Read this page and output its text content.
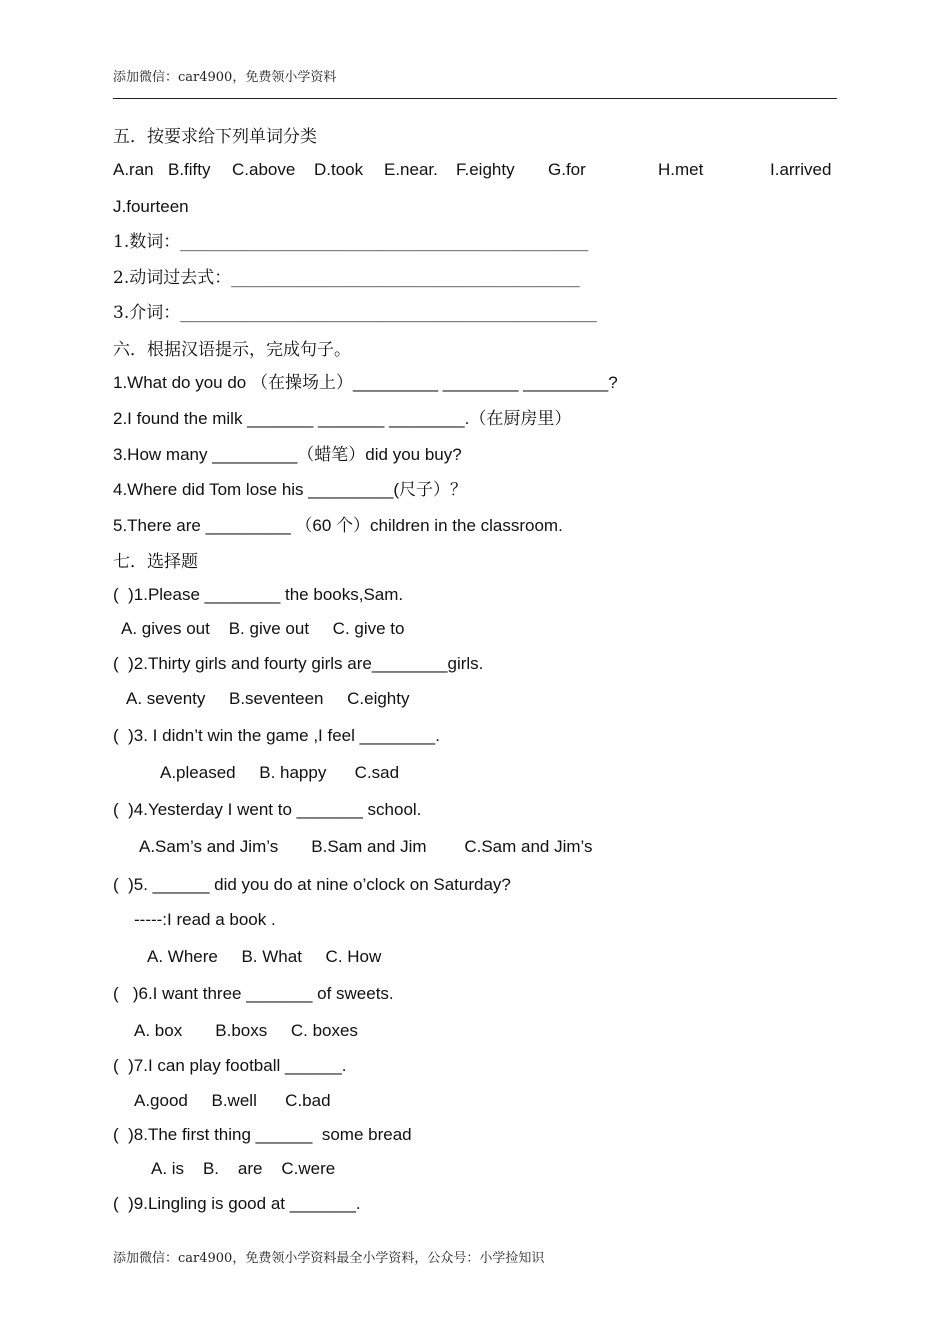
添加微信：car4900，免费领小学资料
五．按要求给下列单词分类
A.ran B.fifty C.above D.took E.near. F.eighty G.for	H.met	I.arrived
J.fourteen
1.数词：________________________________________________
2.动词过去式：_________________________________________
3.介词：_________________________________________________
六．根据汉语提示，完成句子。
1.What do you do （在操场上）_________ ________ _________?
2.I found the milk _______ _______ ________.（在厨房里）
3.How many _________（蜡笔）did you buy?
4.Where did Tom lose his _________(尺子）？
5.There are _________ （60 个）children in the classroom.
七．选择题
(  )1.Please ________ the books,Sam.
A. gives out    B. give out     C. give to
(  )2.Thirty girls and fourty girls are________girls.
A. seventy     B.seventeen     C.eighty
(  )3. I didn’t win the game ,I feel ________.
A.pleased     B. happy      C.sad
(  )4.Yesterday I went to _______ school.
A.Sam’s and Jim’s       B.Sam and Jim        C.Sam and Jim’s
(  )5. ______ did you do at nine o’clock on Saturday?
-----:I read a book .
A. Where     B. What     C. How
(   )6.I want three _______ of sweets.
A. box       B.boxs     C. boxes
(  )7.I can play football ______.
A.good     B.well      C.bad
(  )8.The first thing ______  some bread
A. is    B.    are    C.were
(  )9.Lingling is good at _______.
添加微信：car4900，免费领小学资料最全小学资料，公众号：小学捡知识
